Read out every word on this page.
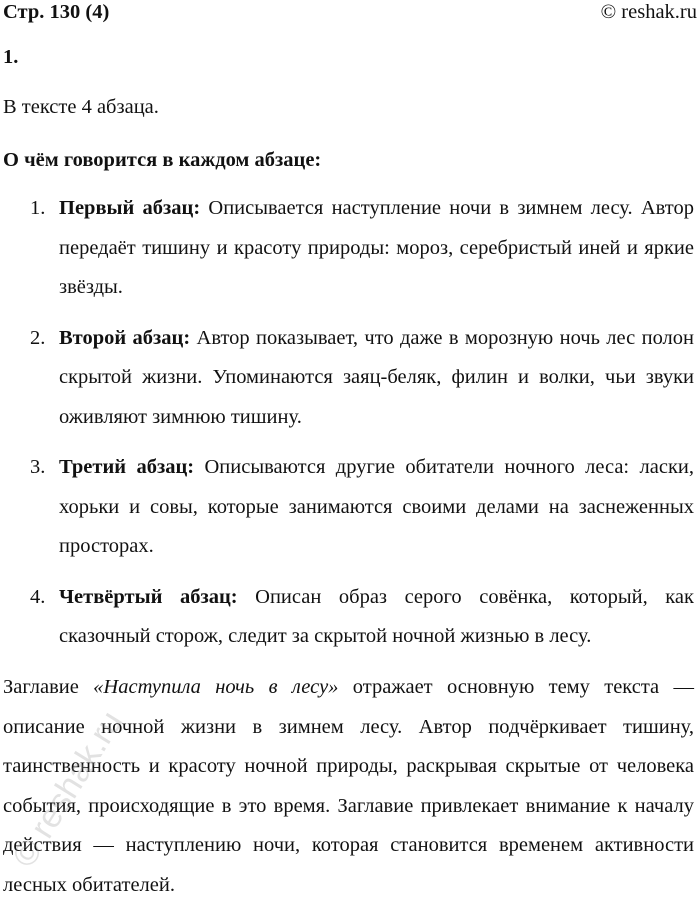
Стр. 130 (4)	© reshak.ru
1.
В тексте 4 абзаца.
О чём говорится в каждом абзаце:
1. Первый абзац: Описывается наступление ночи в зимнем лесу. Автор передаёт тишину и красоту природы: мороз, серебристый иней и яркие звёзды.
2. Второй абзац: Автор показывает, что даже в морозную ночь лес полон скрытой жизни. Упоминаются заяц-беляк, филин и волки, чьи звуки оживляют зимнюю тишину.
3. Третий абзац: Описываются другие обитатели ночного леса: ласки, хорьки и совы, которые занимаются своими делами на заснеженных просторах.
4. Четвёртый абзац: Описан образ серого совёнка, который, как сказочный сторож, следит за скрытой ночной жизнью в лесу.
Заглавие «Наступила ночь в лесу» отражает основную тему текста — описание ночной жизни в зимнем лесу. Автор подчёркивает тишину, таинственность и красоту ночной природы, раскрывая скрытые от человека события, происходящие в это время. Заглавие привлекает внимание к началу действия — наступлению ночи, которая становится временем активности лесных обитателей.
© reshak.ru
